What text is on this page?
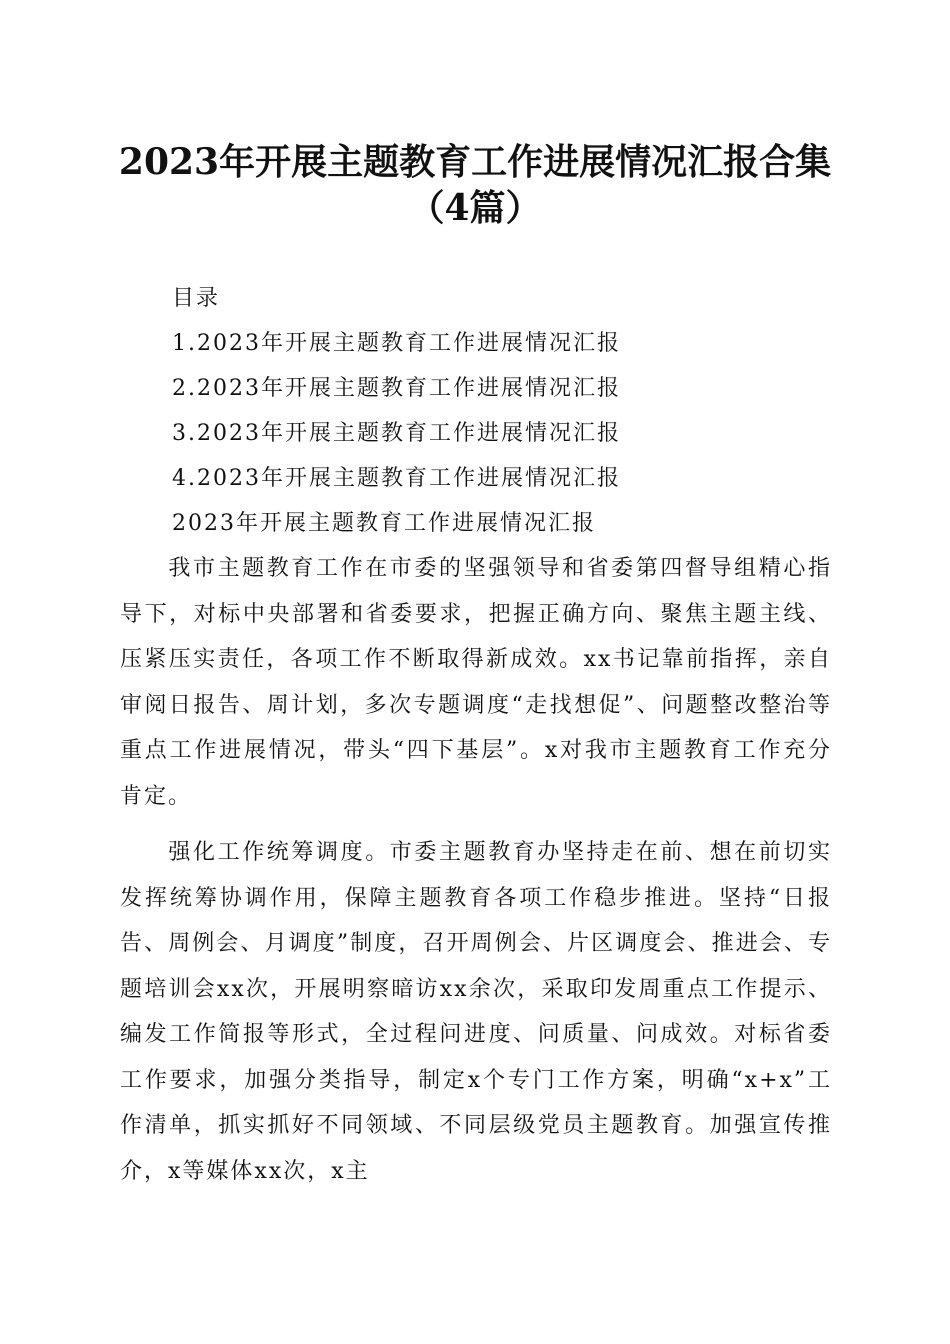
2023年开展主题教育工作进展情况汇报合集
（4篇）
目录
1.2023年开展主题教育工作进展情况汇报
2.2023年开展主题教育工作进展情况汇报
3.2023年开展主题教育工作进展情况汇报
4.2023年开展主题教育工作进展情况汇报
2023年开展主题教育工作进展情况汇报

我市主题教育工作在市委的坚强领导和省委第四督导组精心指导下，对标中央部署和省委要求，把握正确方向、聚焦主题主线、压紧压实责任，各项工作不断取得新成效。xx书记靠前指挥，亲自审阅日报告、周计划，多次专题调度“走找想促”、问题整改整治等重点工作进展情况，带头“四下基层”。x对我市主题教育工作充分肯定。

强化工作统筹调度。市委主题教育办坚持走在前、想在前切实发挥统筹协调作用，保障主题教育各项工作稳步推进。坚持“日报告、周例会、月调度”制度，召开周例会、片区调度会、推进会、专题培训会xx次，开展明察暗访xx余次，采取印发周重点工作提示、编发工作简报等形式，全过程问进度、问质量、问成效。对标省委工作要求，加强分类指导，制定x个专门工作方案，明确“x+x”工作清单，抓实抓好不同领域、不同层级党员主题教育。加强宣传推介，x等媒体xx次，x主
